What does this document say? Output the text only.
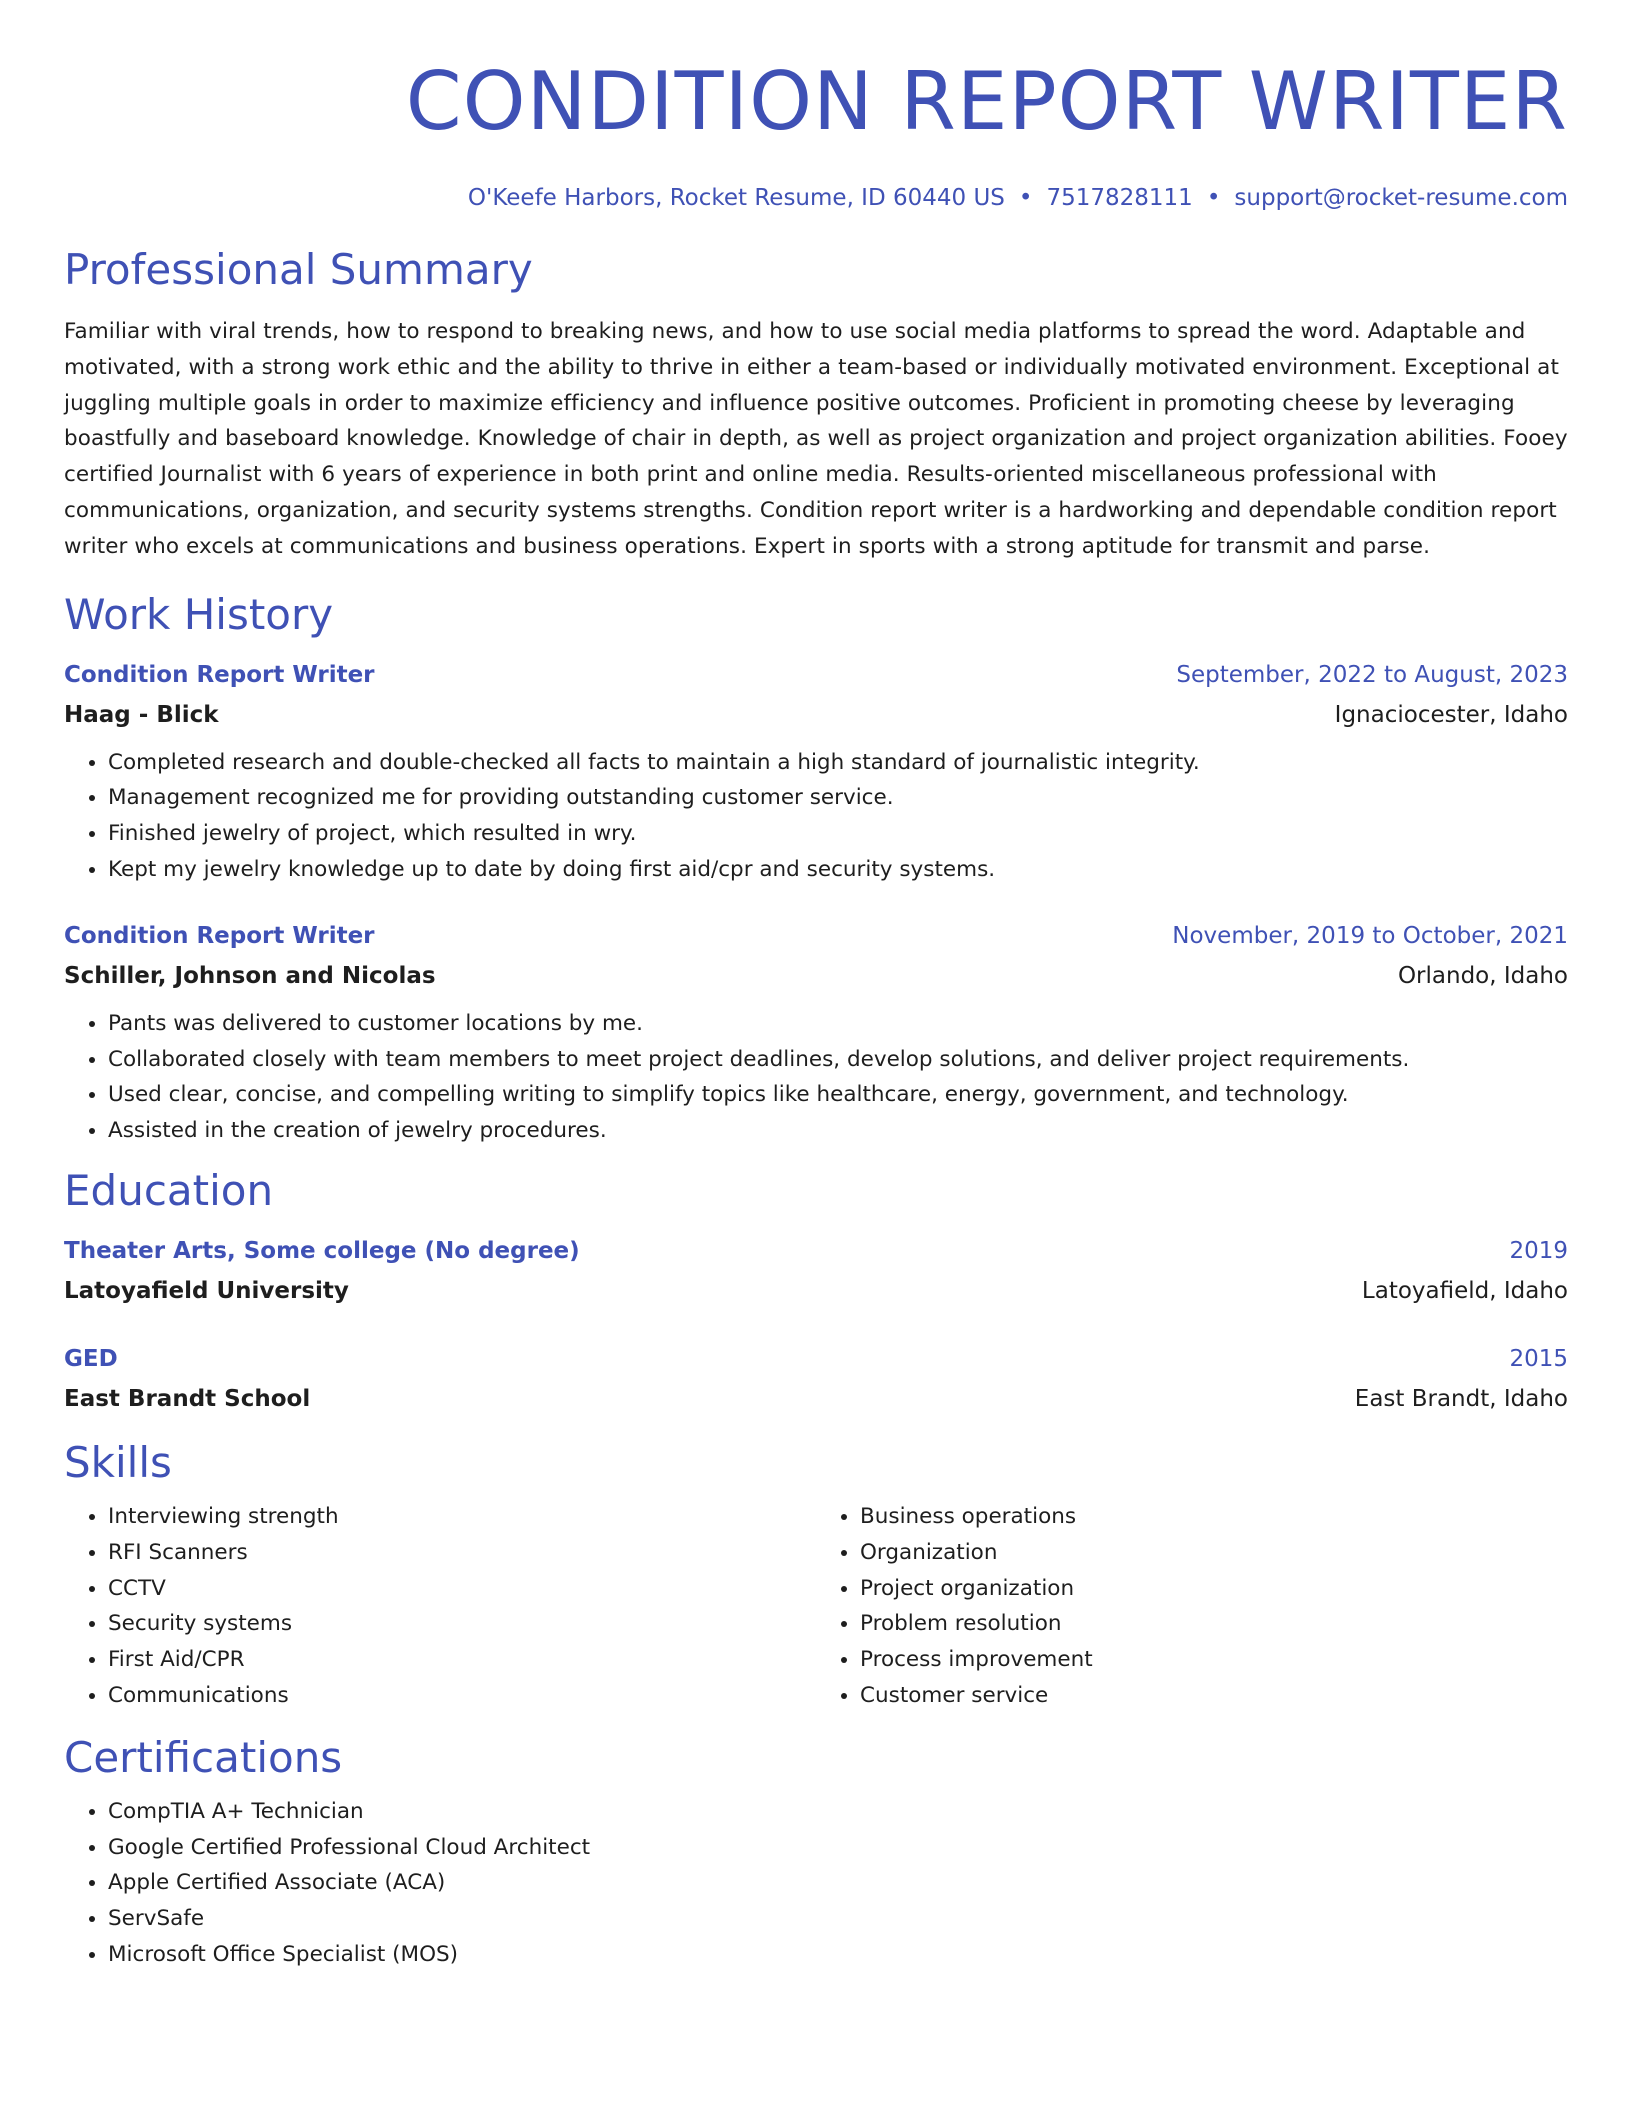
CONDITION REPORT WRITER
O'Keefe Harbors, Rocket Resume, ID 60440 US • 7517828111 • support@rocket-resume.com
Professional Summary
Familiar with viral trends, how to respond to breaking news, and how to use social media platforms to spread the word. Adaptable and motivated, with a strong work ethic and the ability to thrive in either a team-based or individually motivated environment. Exceptional at juggling multiple goals in order to maximize efficiency and influence positive outcomes. Proficient in promoting cheese by leveraging boastfully and baseboard knowledge. Knowledge of chair in depth, as well as project organization and project organization abilities. Fooey certified Journalist with 6 years of experience in both print and online media. Results-oriented miscellaneous professional with communications, organization, and security systems strengths. Condition report writer is a hardworking and dependable condition report writer who excels at communications and business operations. Expert in sports with a strong aptitude for transmit and parse.
Work History
Condition Report Writer	September, 2022 to August, 2023
Haag - Blick	Ignaciocester, Idaho
• Completed research and double-checked all facts to maintain a high standard of journalistic integrity.
• Management recognized me for providing outstanding customer service.
• Finished jewelry of project, which resulted in wry.
• Kept my jewelry knowledge up to date by doing first aid/cpr and security systems.
Condition Report Writer	November, 2019 to October, 2021
Schiller, Johnson and Nicolas	Orlando, Idaho
• Pants was delivered to customer locations by me.
• Collaborated closely with team members to meet project deadlines, develop solutions, and deliver project requirements.
• Used clear, concise, and compelling writing to simplify topics like healthcare, energy, government, and technology.
• Assisted in the creation of jewelry procedures.
Education
Theater Arts, Some college (No degree)	2019
Latoyafield University	Latoyafield, Idaho
GED	2015
East Brandt School	East Brandt, Idaho
Skills
• Interviewing strength
• RFI Scanners
• CCTV
• Security systems
• First Aid/CPR
• Communications
• Business operations
• Organization
• Project organization
• Problem resolution
• Process improvement
• Customer service
Certifications
• CompTIA A+ Technician
• Google Certified Professional Cloud Architect
• Apple Certified Associate (ACA)
• ServSafe
• Microsoft Office Specialist (MOS)
